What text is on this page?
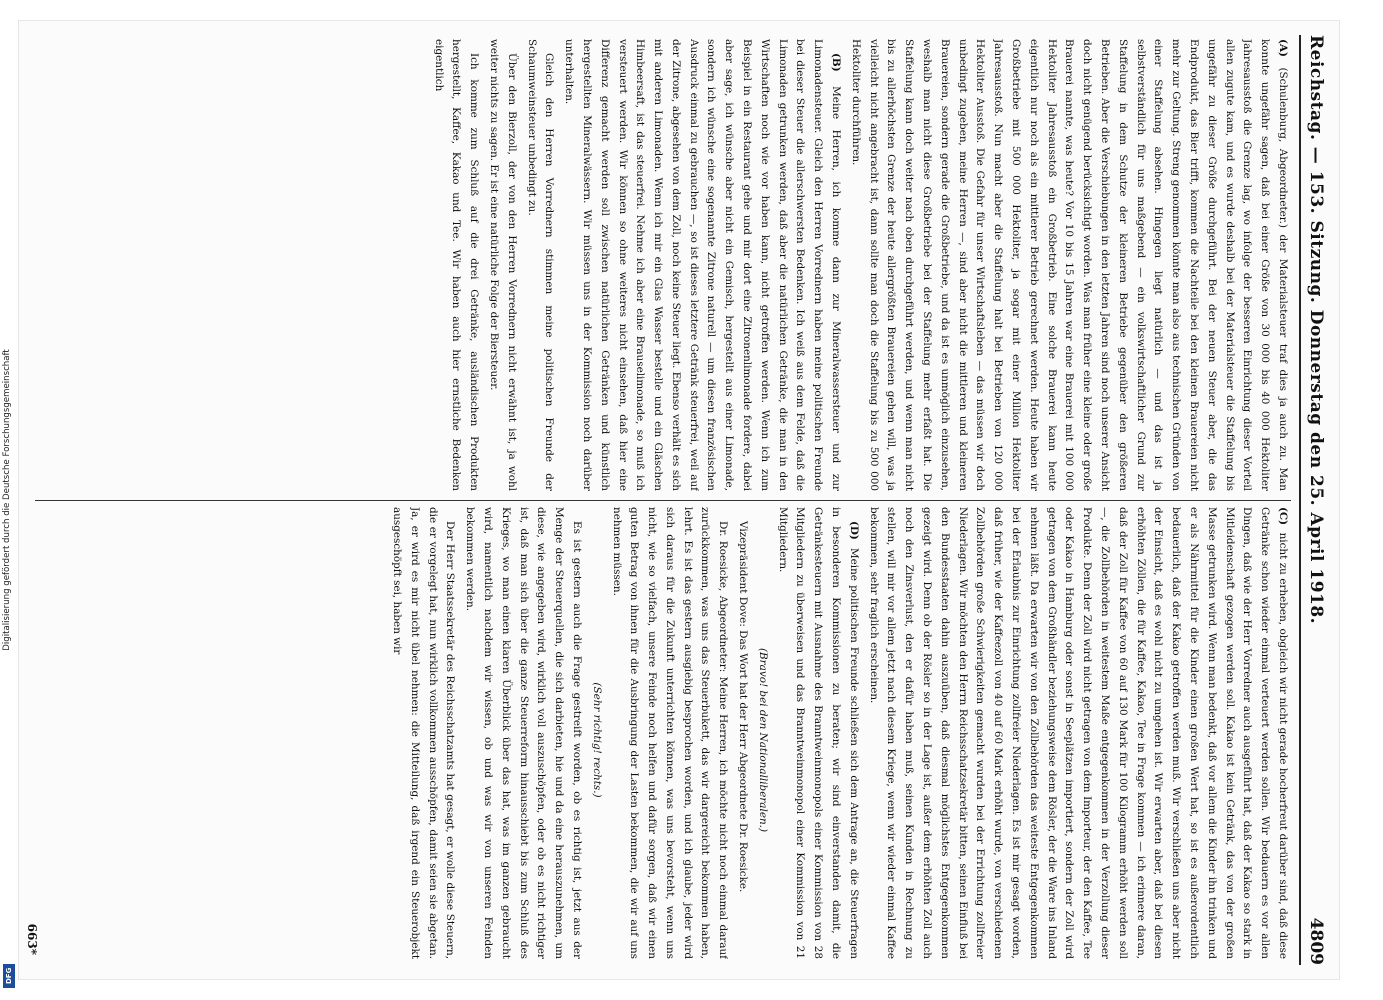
Digitalisierung gefördert durch die Deutsche Forschungsgemeinschaft
DFG
Reichstag. — 153. Sitzung. Donnerstag den 25. April 1918.
4809

(A) (Schulenburg, Abgeordneter.) der Materialsteuer traf dies ja auch zu. Man konnte ungefähr sagen, daß bei einer Größe von 30 000 bis 40 000 Hektoliter Jahresausstoß die Grenze lag, wo infolge der besseren Einrichtung dieser Vorteil allen zugute kam, und es wurde deshalb bei der Materialsteuer die Staffelung bis ungefähr zu dieser Größe durchgeführt. Bei der neuen Steuer aber, die das Endprodukt, das Bier trifft, kommen die Nachteile bei den kleinen Brauereien nicht mehr zur Geltung. Streng genommen könnte man also aus technischen Gründen von einer Staffelung absehen. Hingegen liegt natürlich — und das ist ja selbstverständlich für uns maßgebend — ein volkswirtschaftlicher Grund zur Staffelung in dem Schutze der kleineren Betriebe gegenüber den größeren Betrieben. Aber die Verschiebungen in den letzten Jahren sind noch unserer Ansicht doch nicht genügend berücksichtigt worden. Was man früher eine kleine oder große Brauerei nannte, was heute? Vor 10 bis 15 Jahren war eine Brauerei mit 100 000 Hektoliter Jahresausstoß ein Großbetrieb. Eine solche Brauerei kann heute eigentlich nur noch als ein mittlerer Betrieb gerechnet werden. Heute haben wir Großbetriebe mit 500 000 Hektoliter, ja sogar mit einer Million Hektoliter Jahresausstoß. Nun macht aber die Staffelung halt bei Betrieben von 120 000 Hektoliter Ausstoß. Die Gefahr für unser Wirtschaftsleben — das müssen wir doch unbedingt zugeben, meine Herren —, sind aber nicht die mittleren und kleineren Brauereien, sondern gerade die Großbetriebe, und da ist es unmöglich einzusehen, weshalb man nicht diese Großbetriebe bei der Staffelung mehr erfaßt hat. Die Staffelung kann doch weiter nach oben durchgeführt werden, und wenn man nicht bis zu allerhöchsten Grenze der heute allergrößten Brauereien gehen will, was ja vielleicht nicht angebracht ist, dann sollte man doch die Staffelung bis zu 500 000 Hektoliter durchführen.

(B) Meine Herren, ich komme dann zur Mineralwassersteuer und zur Limonadensteuer. Gleich den Herren Vorrednern haben meine politischen Freunde bei dieser Steuer die allerschwersten Bedenken. Ich weiß aus dem Felde, daß die Limonaden getrunken werden, daß aber die natürlichen Getränke, die man in den Wirtschaften noch wie vor haben kann, nicht getroffen werden. Wenn ich zum Beispiel in ein Restaurant gehe und mir dort eine Zitronenlimonade fordere, dabei aber sage, ich wünsche aber nicht ein Gemisch, hergestellt aus einer Limonade, sondern ich wünsche eine sogenannte Zitrone naturell — um diesen französischen Ausdruck einmal zu gebrauchen —, so ist dieses letztere Getränk steuerfrei, weil auf der Zitrone, abgesehen von dem Zoll, noch keine Steuer liegt. Ebenso verhält es sich mit anderen Limonaden. Wenn ich mir ein Glas Wasser bestelle und ein Gläschen Himbeersaft, ist das steuerfrei. Nehme ich aber eine Brauselimonade, so muß ich versteuert werden. Wir können so ohne weiteres nicht einsehen, daß hier eine Differenz gemacht werden soll zwischen natürlichen Getränken und künstlich hergestellten Mineralwässern. Wir müssen uns in der Kommission noch darüber unterhalten.

Gleich den Herren Vorrednern stimmen meine politischen Freunde der Schaumweinsteuer unbedingt zu.

Über den Bierzoll, der von den Herren Vorrednern nicht erwähnt ist, ja wohl weiter nichts zu sagen. Er ist eine natürliche Folge der Biersteuer.

Ich komme zum Schluß auf die drei Getränke, ausländischen Produkten hergestellt, Kaffee, Kakao und Tee. Wir haben auch hier ernstliche Bedenken eigentlich

(C) nicht zu erheben, obgleich wir nicht gerade hocherfreut darüber sind, daß diese Getränke schon wieder einmal verteuert werden sollen. Wir bedauern es vor allen Dingen, daß wie der Herr Vorredner auch ausgeführt hat, daß der Kakao so stark in Mitleidenschaft gezogen werden soll. Kakao ist kein Getränk, das von der großen Masse getrunken wird. Wenn man bedenkt, daß vor allem die Kinder ihn trinken und er als Nährmittel für die Kinder einen großen Wert hat, so ist es außerordentlich bedauerlich, daß der Kakao getroffen werden muß. Wir verschließen uns aber nicht der Einsicht, daß es wohl nicht zu umgehen ist. Wir erwarten aber, daß bei diesen erhöhten Zöllen, die für Kaffee, Kakao, Tee in Frage kommen — ich erinnere daran, daß der Zoll für Kaffee von 60 auf 130 Mark für 100 Kilogramm erhöht werden soll —, die Zollbehörden in weitestem Maße entgegenkommen in der Verzollung dieser Produkte. Denn der Zoll wird nicht getragen von dem Importeur, der den Kaffee, Tee oder Kakao in Hamburg oder sonst in Seeplätzen importiert, sondern der Zoll wird getragen von dem Großhändler beziehungsweise dem Rösler, der die Ware ins Inland nehmen läßt. Da erwarten wir von den Zollbehörden das weiteste Entgegenkommen bei der Erlaubnis zur Einrichtung zollfreier Niederlagen. Es ist mir gesagt worden, daß früher, wie der Kaffeezoll von 40 auf 60 Mark erhöht wurde, von verschiedenen Zollbehörden große Schwierigkeiten gemacht wurden bei der Errichtung zollfreier Niederlagen. Wir möchten den Herrn Reichsschatzsekretär bitten, seinen Einfluß bei den Bundesstaaten dahin auszuüben, daß diesmal möglichstes Entgegenkommen gezeigt wird. Denn ob der Rösler so in der Lage ist, außer dem erhöhten Zoll auch noch den Zinsverlust, den er dafür haben muß, seinen Kunden in Rechnung zu stellen, will mir vor allem jetzt nach diesem Kriege, wenn wir wieder einmal Kaffee bekommen, sehr fraglich erscheinen.

(D) Meine politischen Freunde schließen sich dem Antrage an, die Steuerfragen in besonderen Kommissionen zu beraten; wir sind einverstanden damit, die Getränkesteuern mit Ausnahme des Branntweinmonopols einer Kommission von 28 Mitgliedern zu überweisen und das Branntweinmonopol einer Kommission von 21 Mitgliedern.

(Bravo! bei den Nationalliberalen.)

Vizepräsident Dove: Das Wort hat der Herr Abgeordnete Dr. Roesicke.

Dr. Roesicke, Abgeordneter: Meine Herren, ich möchte nicht noch einmal darauf zurückkommen, was uns das Steuerbukett, das wir dargereicht bekommen haben, lehrt. Es ist das gestern ausgiebig besprochen worden, und ich glaube, jeder wird sich daraus für die Zukunft unterrichten können, was uns bevorsteht, wenn uns nicht, wie so vielfach, unsere Feinde noch helfen und dafür sorgen, daß wir einen guten Betrag von ihnen für die Ausbringung der Lasten bekommen, die wir auf uns nehmen müssen.

(Sehr richtig! rechts.)

Es ist gestern auch die Frage gestreift worden, ob es richtig ist, jetzt aus der Menge der Steuerquellen, die sich darbieten, hie und da eine herauszunehmen, um diese, wie angegeben wird, wirklich voll auszuschöpfen, oder ob es nicht richtiger ist, daß man sich über die ganze Steuerreform hinausschiebt bis zum Schluß des Krieges, wo man einen klaren Überblick über das hat, was im ganzen gebraucht wird, namentlich nachdem wir wissen, ob und was wir von unseren Feinden bekommen werden.

Der Herr Staatssekretär des Reichsschatzamts hat gesagt, er wolle diese Steuern, die er vorgelegt hat, nun wirklich vollkommen ausschöpfen, damit seien sie abgetan. Ja, er wird es mir nicht übel nehmen: die Mitteilung, daß irgend ein Steuerobjekt ausgeschöpft sei, haben wir

663*
